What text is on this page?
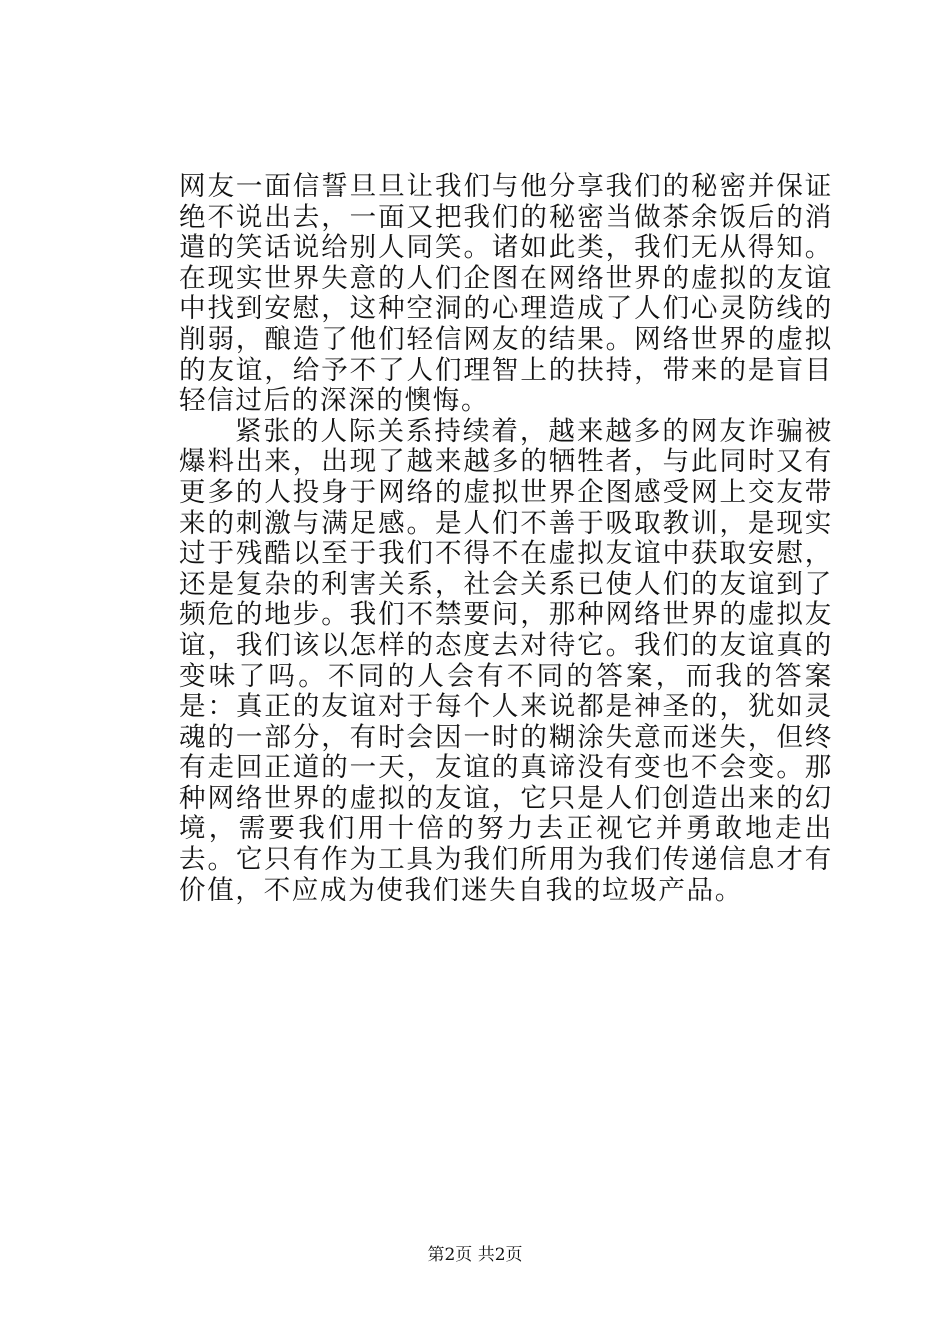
网友一面信誓旦旦让我们与他分享我们的秘密并保证绝不说出去，一面又把我们的秘密当做茶余饭后的消遣的笑话说给别人同笑。诸如此类，我们无从得知。在现实世界失意的人们企图在网络世界的虚拟的友谊中找到安慰，这种空洞的心理造成了人们心灵防线的削弱，酿造了他们轻信网友的结果。网络世界的虚拟的友谊，给予不了人们理智上的扶持，带来的是盲目轻信过后的深深的懊悔。

紧张的人际关系持续着，越来越多的网友诈骗被爆料出来，出现了越来越多的牺牲者，与此同时又有更多的人投身于网络的虚拟世界企图感受网上交友带来的刺激与满足感。是人们不善于吸取教训，是现实过于残酷以至于我们不得不在虚拟友谊中获取安慰，还是复杂的利害关系，社会关系已使人们的友谊到了频危的地步。我们不禁要问，那种网络世界的虚拟友谊，我们该以怎样的态度去对待它。我们的友谊真的变味了吗。不同的人会有不同的答案，而我的答案是：真正的友谊对于每个人来说都是神圣的，犹如灵魂的一部分，有时会因一时的糊涂失意而迷失，但终有走回正道的一天，友谊的真谛没有变也不会变。那种网络世界的虚拟的友谊，它只是人们创造出来的幻境，需要我们用十倍的努力去正视它并勇敢地走出去。它只有作为工具为我们所用为我们传递信息才有价值，不应成为使我们迷失自我的垃圾产品。

第2页 共2页
